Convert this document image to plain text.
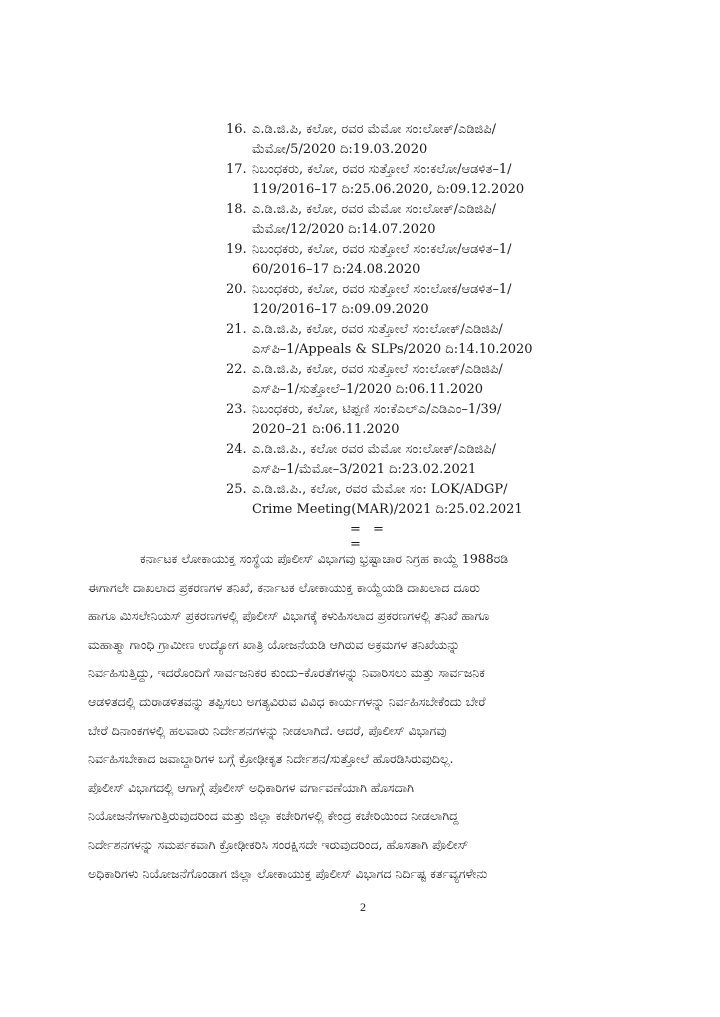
16. ಎ.ಡಿ.ಜಿ.ಪಿ, ಕಲೋ, ರವರ ಮೆಮೋ ಸಂ:ಲೋಕ್/ಎಡಿಜಿಪಿ/
ಮೆಮೋ/5/2020 ದಿ:19.03.2020
17. ನಿಬಂಧಕರು, ಕಲೋ, ರವರ ಸುತ್ತೋಲೆ ಸಂ:ಕಲೋ/ಆಡಳಿತ–1/
119/2016–17 ದಿ:25.06.2020, ದಿ:09.12.2020
18. ಎ.ಡಿ.ಜಿ.ಪಿ, ಕಲೋ, ರವರ ಮೆಮೋ ಸಂ:ಲೋಕ್/ಎಡಿಜಿಪಿ/
ಮೆಮೋ/12/2020 ದಿ:14.07.2020
19. ನಿಬಂಧಕರು, ಕಲೋ, ರವರ ಸುತ್ತೋಲೆ ಸಂ:ಕಲೋ/ಆಡಳಿತ–1/
60/2016–17 ದಿ:24.08.2020
20. ನಿಬಂಧಕರು, ಕಲೋ, ರವರ ಸುತ್ತೋಲೆ ಸಂ:ಲೋಕ/ಆಡಳಿತ–1/
120/2016–17 ದಿ:09.09.2020
21. ಎ.ಡಿ.ಜಿ.ಪಿ, ಕಲೋ, ರವರ ಸುತ್ತೋಲೆ ಸಂ:ಲೋಕ್/ಎಡಿಜಿಪಿ/
ಎಸ್‌ಪಿ–1/Appeals & SLPs/2020 ದಿ:14.10.2020
22. ಎ.ಡಿ.ಜಿ.ಪಿ, ಕಲೋ, ರವರ ಸುತ್ತೋಲೆ ಸಂ:ಲೋಕ್/ಎಡಿಜಿಪಿ/
ಎಸ್‌ಪಿ–1/ಸುತ್ತೋಲೆ–1/2020 ದಿ:06.11.2020
23. ನಿಬಂಧಕರು, ಕಲೋ, ಟಿಪ್ಪಣಿ ಸಂ:ಕೆಎಲ್‌ಎ/ಎಡಿಎಂ–1/39/
2020–21 ದಿ:06.11.2020
24. ಎ.ಡಿ.ಜಿ.ಪಿ., ಕಲೋ ರವರ ಮೆಮೋ ಸಂ:ಲೋಕ್/ಎಡಿಜಿಪಿ/
ಎಸ್‌ಪಿ–1/ಮೆಮೋ–3/2021 ದಿ:23.02.2021
25. ಎ.ಡಿ.ಜಿ.ಪಿ., ಕಲೋ, ರವರ ಮೆಮೋ ಸಂ: LOK/ADGP/
Crime Meeting(MAR)/2021 ದಿ:25.02.2021
= = =
ಕರ್ನಾಟಕ ಲೋಕಾಯುಕ್ತ ಸಂಸ್ಥೆಯ ಪೊಲೀಸ್ ವಿಭಾಗವು ಭ್ರಷ್ಟಾಚಾರ ನಿಗ್ರಹ ಕಾಯ್ದೆ 1988ರಡಿ
ಈಗಾಗಲೇ ದಾಖಲಾದ ಪ್ರಕರಣಗಳ ತನಿಖೆ, ಕರ್ನಾಟಕ ಲೋಕಾಯುಕ್ತ ಕಾಯ್ದೆಯಡಿ ದಾಖಲಾದ ದೂರು
ಹಾಗೂ ಮಿಸಲೇನಿಯಸ್ ಪ್ರಕರಣಗಳಲ್ಲಿ ಪೊಲೀಸ್ ವಿಭಾಗಕ್ಕೆ ಕಳುಹಿಸಲಾದ ಪ್ರಕರಣಗಳಲ್ಲಿ ತನಿಖೆ ಹಾಗೂ
ಮಹಾತ್ಮಾ ಗಾಂಧಿ ಗ್ರಾಮೀಣ ಉದ್ಯೋಗ ಖಾತ್ರಿ ಯೋಜನೆಯಡಿ ಆಗಿರುವ ಅಕ್ರಮಗಳ ತನಿಖೆಯನ್ನು
ನಿರ್ವಹಿಸುತ್ತಿದ್ದು, ಇದರೊಂದಿಗೆ ಸಾರ್ವಜನಿಕರ ಕುಂದು–ಕೊರತೆಗಳನ್ನು ನಿವಾರಿಸಲು ಮತ್ತು ಸಾರ್ವಜನಿಕ
ಆಡಳಿತದಲ್ಲಿ ದುರಾಡಳಿತವನ್ನು ತಪ್ಪಿಸಲು ಅಗತ್ಯವಿರುವ ವಿವಿಧ ಕಾರ್ಯಗಳನ್ನು ನಿರ್ವಹಿಸಬೇಕೆಂದು ಬೇರೆ
ಬೇರೆ ದಿನಾಂಕಗಳಲ್ಲಿ ಹಲವಾರು ನಿರ್ದೇಶನಗಳನ್ನು ನೀಡಲಾಗಿದೆ. ಆದರೆ, ಪೊಲೀಸ್ ವಿಭಾಗವು
ನಿರ್ವಹಿಸಬೇಕಾದ ಜವಾಬ್ದಾರಿಗಳ ಬಗ್ಗೆ ಕ್ರೋಢೀಕೃತ ನಿರ್ದೇಶನ/ಸುತ್ತೋಲೆ ಹೊರಡಿಸಿರುವುದಿಲ್ಲ.
ಪೊಲೀಸ್ ವಿಭಾಗದಲ್ಲಿ ಆಗಾಗ್ಗೆ ಪೊಲೀಸ್ ಅಧಿಕಾರಿಗಳ ವರ್ಗಾವಣೆಯಾಗಿ ಹೊಸದಾಗಿ
ನಿಯೋಜನೆಗಳಾಗುತ್ತಿರುವುದರಿಂದ ಮತ್ತು ಜಿಲ್ಲಾ ಕಚೇರಿಗಳಲ್ಲಿ ಕೇಂದ್ರ ಕಚೇರಿಯಿಂದ ನೀಡಲಾಗಿದ್ದ
ನಿರ್ದೇಶನಗಳನ್ನು ಸಮರ್ಪಕವಾಗಿ ಕ್ರೋಢೀಕರಿಸಿ ಸಂರಕ್ಷಿಸದೇ ಇರುವುದರಿಂದ, ಹೊಸತಾಗಿ ಪೊಲೀಸ್
ಅಧಿಕಾರಿಗಳು ನಿಯೋಜನೆಗೊಂಡಾಗ ಜಿಲ್ಲಾ ಲೋಕಾಯುಕ್ತ ಪೊಲೀಸ್ ವಿಭಾಗದ ನಿರ್ದಿಷ್ಟ ಕರ್ತವ್ಯಗಳೇನು
2
